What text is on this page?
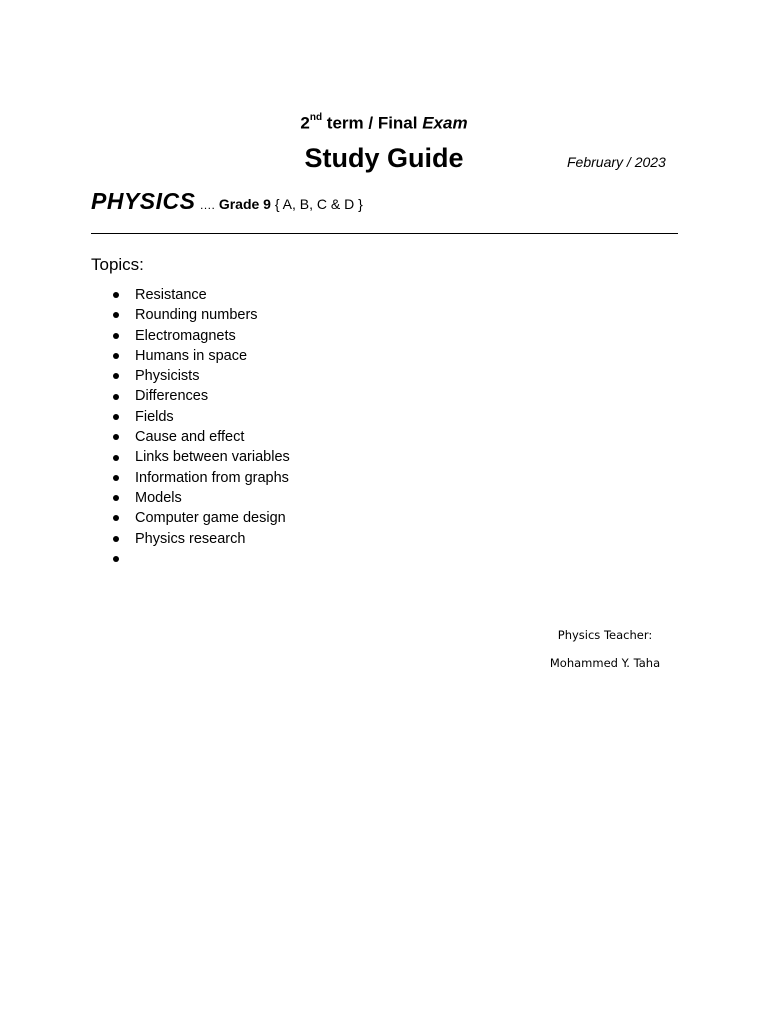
2nd term / Final Exam
Study Guide	February / 2023
PHYSICS …. Grade 9 { A, B, C & D }
Topics:
Resistance
Rounding numbers
Electromagnets
Humans in space
Physicists
Differences
Fields
Cause and effect
Links between variables
Information from graphs
Models
Computer game design
Physics research
Physics Teacher:
Mohammed Y. Taha
